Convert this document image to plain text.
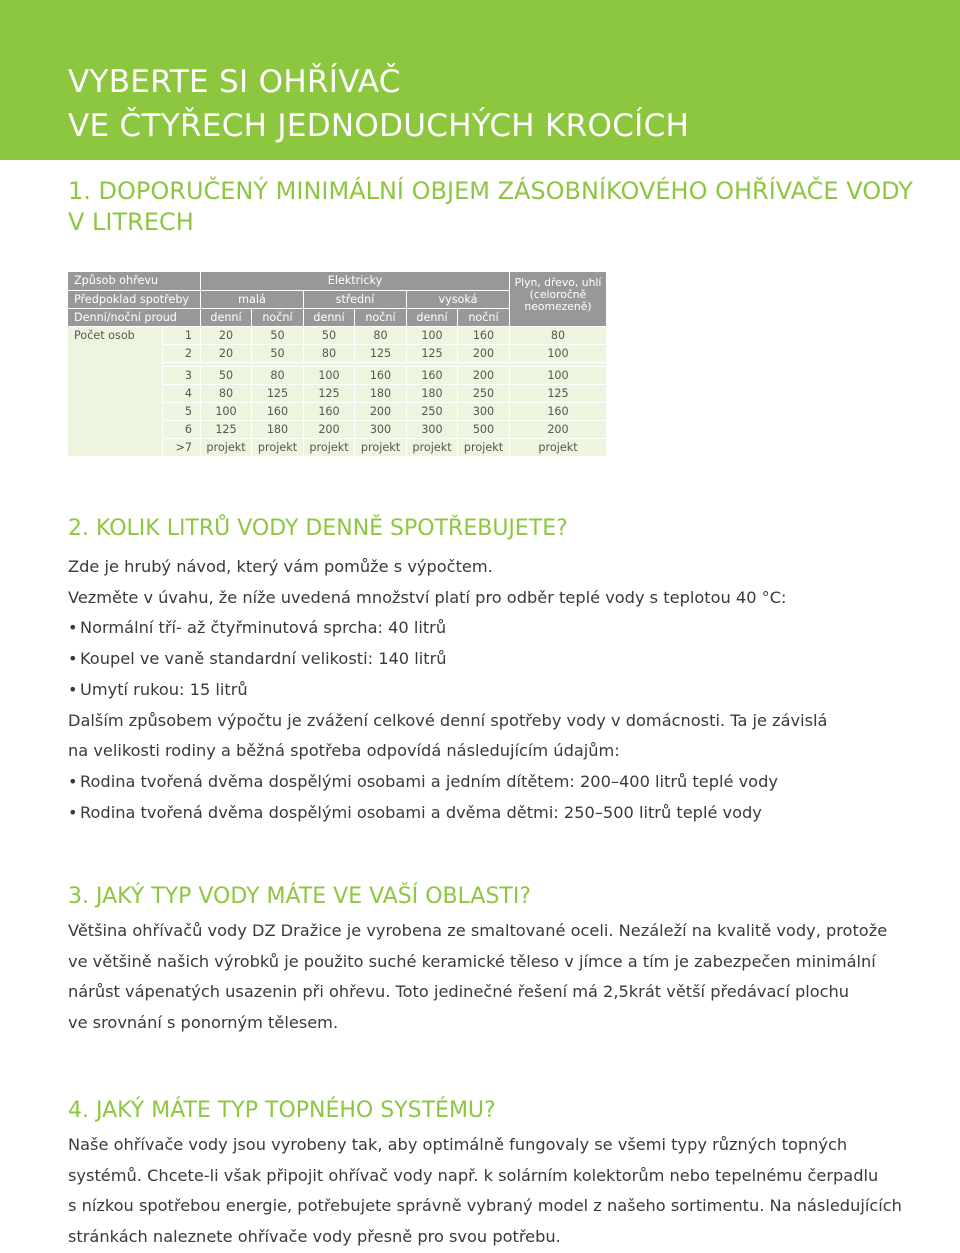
VYBERTE SI OHŘÍVAČ
VE ČTYŘECH JEDNODUCHÝCH KROCÍCH
1. DOPORUČENÝ MINIMÁLNÍ OBJEM ZÁSOBNÍKOVÉHO OHŘÍVAČE VODY
V LITRECH
Způsob ohřevu	Elektricky	Plyn, dřevo, uhlí
(celoročně
neomezeně)
Předpoklad spotřeby	malá	střední	vysoká
Denní/noční proud	denní	noční	denní	noční	denní	noční
Počet osob	1	20	50	50	80	100	160	80
2	20	50	80	125	125	200	100
3	50	80	100	160	160	200	100
4	80	125	125	180	180	250	125
5	100	160	160	200	250	300	160
6	125	180	200	300	300	500	200
>7	projekt	projekt	projekt	projekt	projekt	projekt	projekt
2. KOLIK LITRŮ VODY DENNĚ SPOTŘEBUJETE?

Zde je hrubý návod, který vám pomůže s výpočtem.

Vezměte v úvahu, že níže uvedená množství platí pro odběr teplé vody s teplotou 40 °C:

• Normální tří- až čtyřminutová sprcha: 40 litrů

• Koupel ve vaně standardní velikosti: 140 litrů

• Umytí rukou: 15 litrů

Dalším způsobem výpočtu je zvážení celkové denní spotřeby vody v domácnosti. Ta je závislá

na velikosti rodiny a běžná spotřeba odpovídá následujícím údajům:

• Rodina tvořená dvěma dospělými osobami a jedním dítětem: 200–400 litrů teplé vody

• Rodina tvořená dvěma dospělými osobami a dvěma dětmi: 250–500 litrů teplé vody

3. JAKÝ TYP VODY MÁTE VE VAŠÍ OBLASTI?

Většina ohřívačů vody DZ Dražice je vyrobena ze smaltované oceli. Nezáleží na kvalitě vody, protože

ve většině našich výrobků je použito suché keramické těleso v jímce a tím je zabezpečen minimální

nárůst vápenatých usazenin při ohřevu. Toto jedinečné řešení má 2,5krát větší předávací plochu

ve srovnání s ponorným tělesem.

4. JAKÝ MÁTE TYP TOPNÉHO SYSTÉMU?

Naše ohřívače vody jsou vyrobeny tak, aby optimálně fungovaly se všemi typy různých topných

systémů. Chcete-li však připojit ohřívač vody např. k solárním kolektorům nebo tepelnému čerpadlu

s nízkou spotřebou energie, potřebujete správně vybraný model z našeho sortimentu. Na následujících

stránkách naleznete ohřívače vody přesně pro svou potřebu.
